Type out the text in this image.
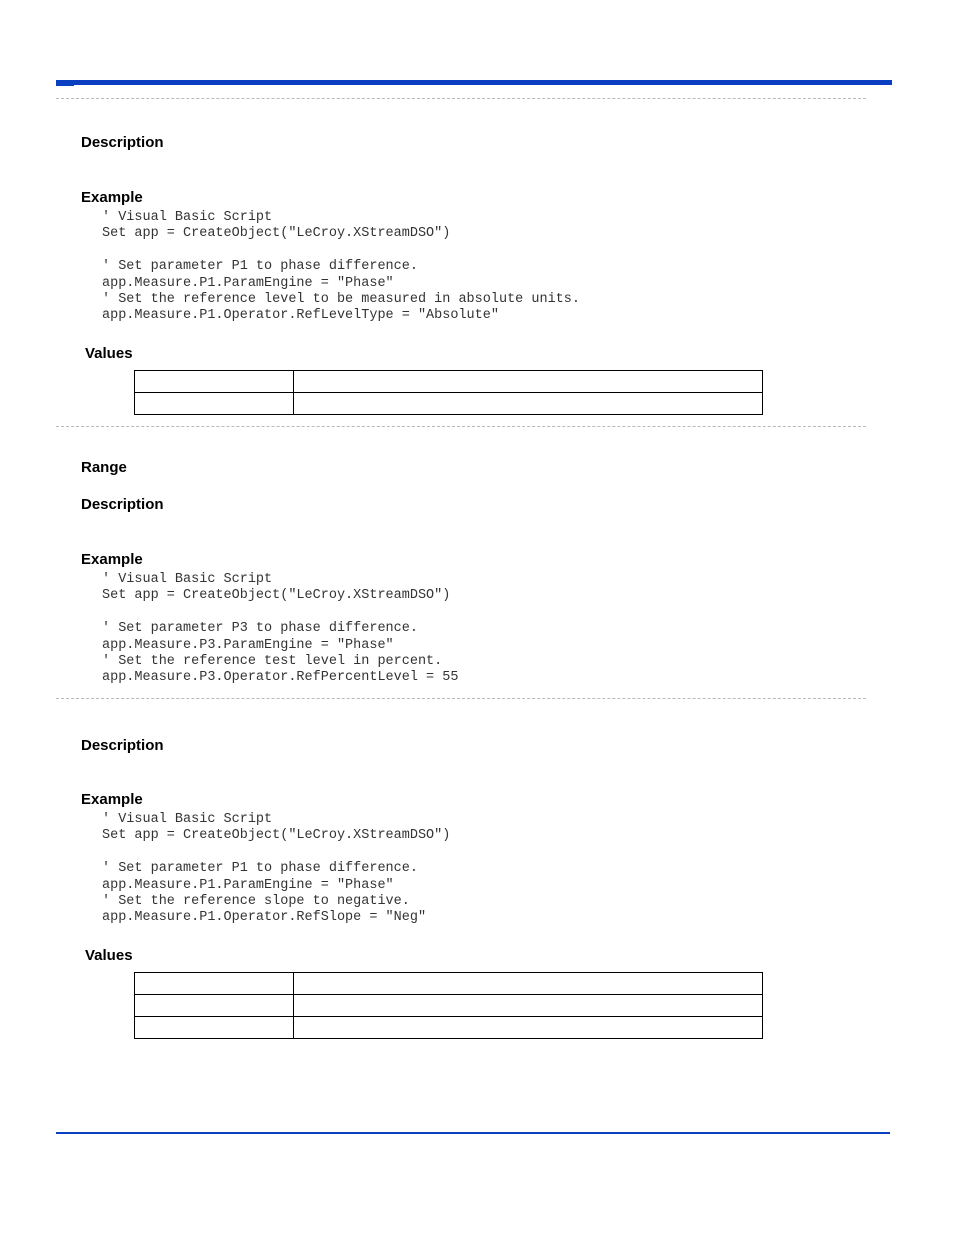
Description
Example
' Visual Basic Script
Set app = CreateObject("LeCroy.XStreamDSO")

' Set parameter P1 to phase difference.
app.Measure.P1.ParamEngine = "Phase"
' Set the reference level to be measured in absolute units.
app.Measure.P1.Operator.RefLevelType = "Absolute"
Values

Range
Description
Example
' Visual Basic Script
Set app = CreateObject("LeCroy.XStreamDSO")

' Set parameter P3 to phase difference.
app.Measure.P3.ParamEngine = "Phase"
' Set the reference test level in percent.
app.Measure.P3.Operator.RefPercentLevel = 55
Description
Example
' Visual Basic Script
Set app = CreateObject("LeCroy.XStreamDSO")

' Set parameter P1 to phase difference.
app.Measure.P1.ParamEngine = "Phase"
' Set the reference slope to negative.
app.Measure.P1.Operator.RefSlope = "Neg"
Values
